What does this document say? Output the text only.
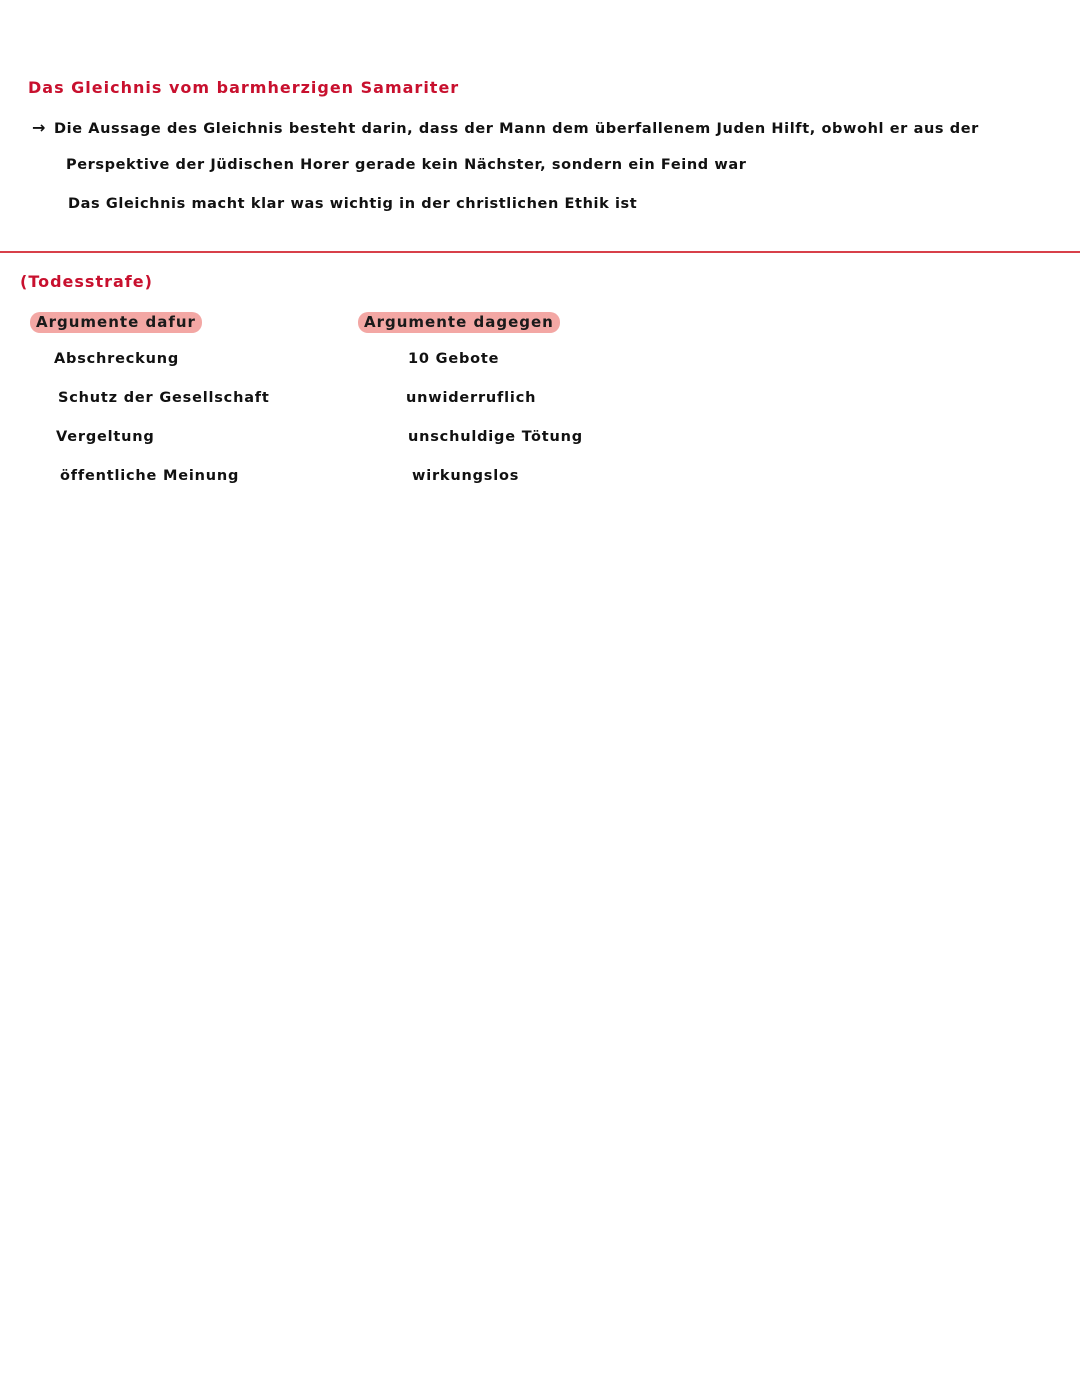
Das Gleichnis vom barmherzigen Samariter
→ Die Aussage des Gleichnis besteht darin, dass der Mann dem überfallenem Juden Hilft, obwohl er aus der
Perspektive der Jüdischen Horer gerade kein Nächster, sondern ein Feind war
Das Gleichnis macht klar was wichtig in der christlichen Ethik ist
(Todesstrafe)
Argumente dafur	Argumente dagegen
Abschreckung
Schutz der Gesellschaft
Vergeltung
öffentliche Meinung
10 Gebote
unwiderruflich
unschuldige Tötung
wirkungslos
